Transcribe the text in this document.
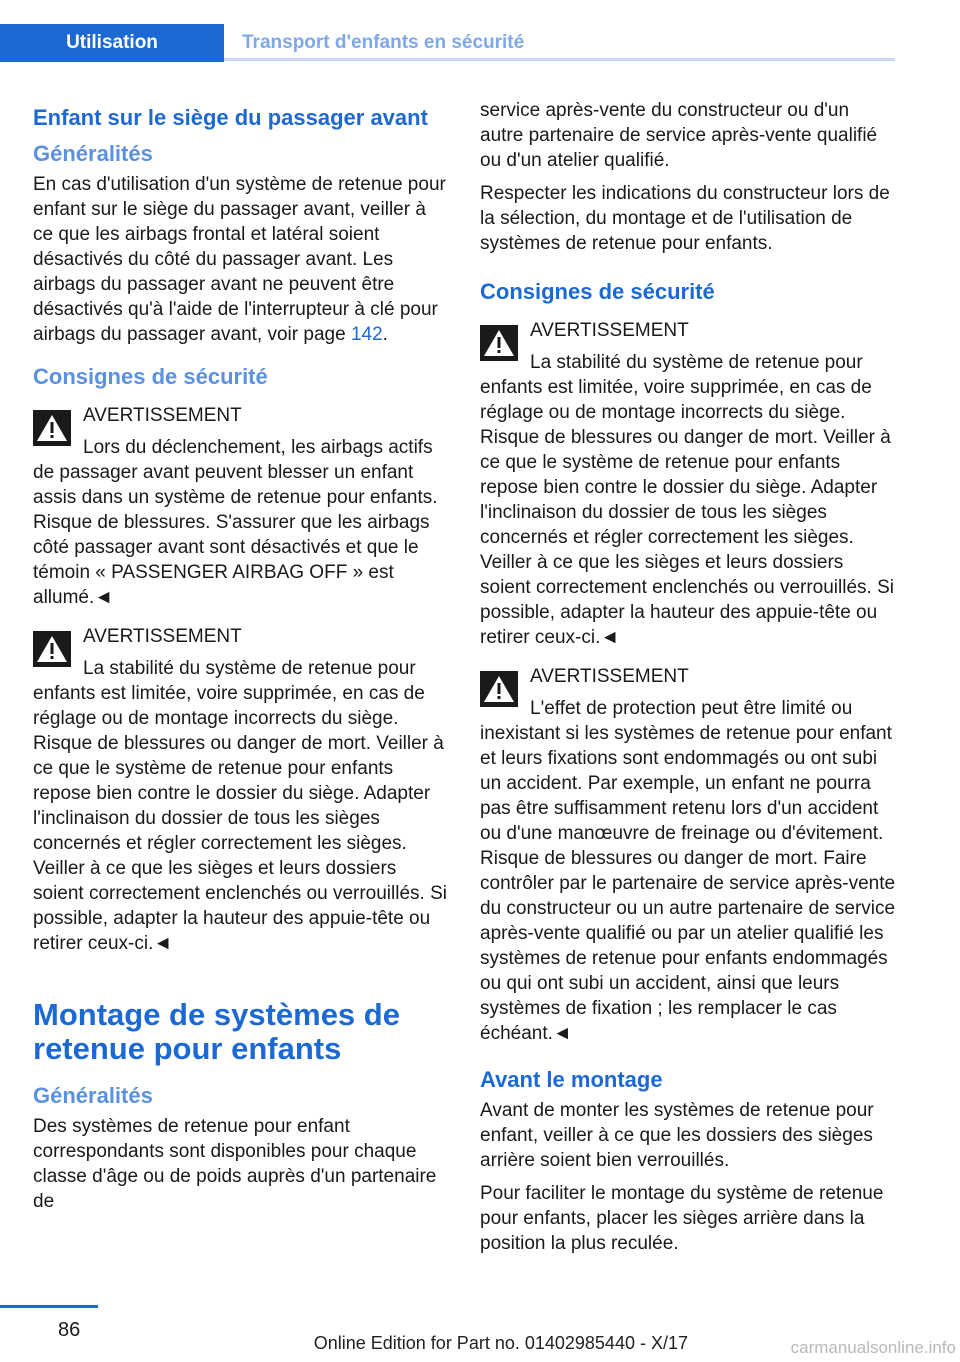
Utilisation	Transport d'enfants en sécurité
Enfant sur le siège du passager avant
Généralités

En cas d'utilisation d'un système de retenue pour enfant sur le siège du passager avant, veiller à ce que les airbags frontal et latéral soient désactivés du côté du passager avant. Les airbags du passager avant ne peuvent être désactivés qu'à l'aide de l'interrupteur à clé pour airbags du passager avant, voir page 142.

Consignes de sécurité
AVERTISSEMENT
Lors du déclenchement, les airbags actifs de passager avant peuvent blesser un enfant assis dans un système de retenue pour enfants. Risque de blessures. S'assurer que les airbags côté passager avant sont désactivés et que le témoin « PASSENGER AIRBAG OFF » est allumé.◄
AVERTISSEMENT
La stabilité du système de retenue pour enfants est limitée, voire supprimée, en cas de réglage ou de montage incorrects du siège. Risque de blessures ou danger de mort. Veiller à ce que le système de retenue pour enfants repose bien contre le dossier du siège. Adapter l'inclinaison du dossier de tous les sièges concernés et régler correctement les sièges. Veiller à ce que les sièges et leurs dossiers soient correctement enclenchés ou verrouillés. Si possible, adapter la hauteur des appuie-tête ou retirer ceux-ci.◄
Montage de systèmes de retenue pour enfants
Généralités

Des systèmes de retenue pour enfant correspondants sont disponibles pour chaque classe d'âge ou de poids auprès d'un partenaire de

service après-vente du constructeur ou d'un autre partenaire de service après-vente qualifié ou d'un atelier qualifié.

Respecter les indications du constructeur lors de la sélection, du montage et de l'utilisation de systèmes de retenue pour enfants.

Consignes de sécurité
AVERTISSEMENT
La stabilité du système de retenue pour enfants est limitée, voire supprimée, en cas de réglage ou de montage incorrects du siège. Risque de blessures ou danger de mort. Veiller à ce que le système de retenue pour enfants repose bien contre le dossier du siège. Adapter l'inclinaison du dossier de tous les sièges concernés et régler correctement les sièges. Veiller à ce que les sièges et leurs dossiers soient correctement enclenchés ou verrouillés. Si possible, adapter la hauteur des appuie-tête ou retirer ceux-ci.◄
AVERTISSEMENT
L'effet de protection peut être limité ou inexistant si les systèmes de retenue pour enfant et leurs fixations sont endommagés ou ont subi un accident. Par exemple, un enfant ne pourra pas être suffisamment retenu lors d'un accident ou d'une manœuvre de freinage ou d'évitement. Risque de blessures ou danger de mort. Faire contrôler par le partenaire de service après-vente du constructeur ou un autre partenaire de service après-vente qualifié ou par un atelier qualifié les systèmes de retenue pour enfants endommagés ou qui ont subi un accident, ainsi que leurs systèmes de fixation ; les remplacer le cas échéant.◄
Avant le montage

Avant de monter les systèmes de retenue pour enfant, veiller à ce que les dossiers des sièges arrière soient bien verrouillés.

Pour faciliter le montage du système de retenue pour enfants, placer les sièges arrière dans la position la plus reculée.

86
Online Edition for Part no. 01402985440 - X/17	carmanualsonline.info
